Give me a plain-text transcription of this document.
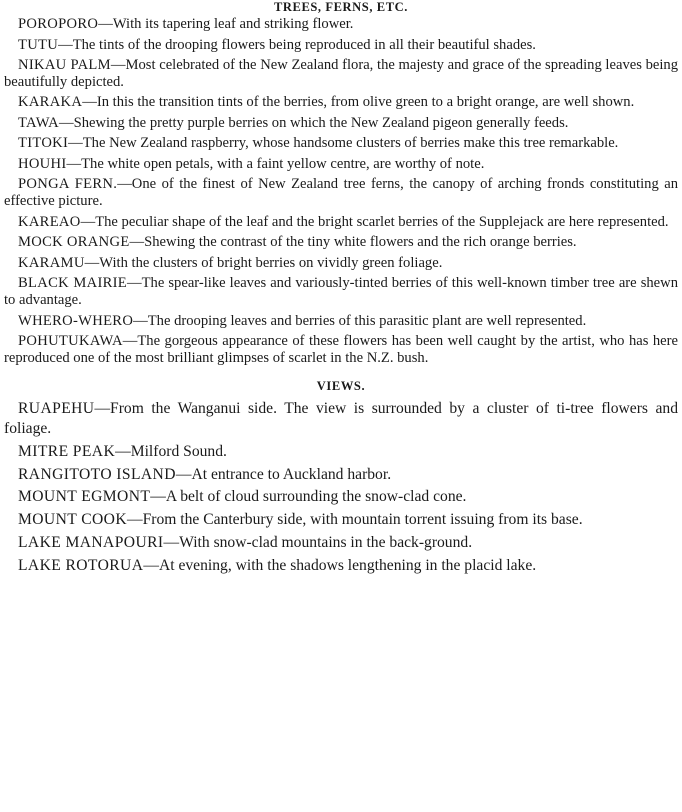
TREES, FERNS, ETC.

POROPORO—With its tapering leaf and striking flower.

TUTU—The tints of the drooping flowers being reproduced in all their beautiful shades.

NIKAU PALM—Most celebrated of the New Zealand flora, the majesty and grace of the spreading leaves being beautifully depicted.

KARAKA—In this the transition tints of the berries, from olive green to a bright orange, are well shown.

TAWA—Shewing the pretty purple berries on which the New Zealand pigeon generally feeds.

TITOKI—The New Zealand raspberry, whose handsome clusters of berries make this tree remarkable.

HOUHI—The white open petals, with a faint yellow centre, are worthy of note.

PONGA FERN.—One of the finest of New Zealand tree ferns, the canopy of arching fronds constituting an effective picture.

KAREAO—The peculiar shape of the leaf and the bright scarlet berries of the Supplejack are here represented.

MOCK ORANGE—Shewing the contrast of the tiny white flowers and the rich orange berries.

KARAMU—With the clusters of bright berries on vividly green foliage.

BLACK MAIRIE—The spear-like leaves and variously-tinted berries of this well-known timber tree are shewn to advantage.

WHERO-WHERO—The drooping leaves and berries of this parasitic plant are well represented.

POHUTUKAWA—The gorgeous appearance of these flowers has been well caught by the artist, who has here reproduced one of the most brilliant glimpses of scarlet in the N.Z. bush.

VIEWS.

RUAPEHU—From the Wanganui side. The view is surrounded by a cluster of ti-tree flowers and foliage.

MITRE PEAK—Milford Sound.

RANGITOTO ISLAND—At entrance to Auckland harbor.

MOUNT EGMONT—A belt of cloud surrounding the snow-clad cone.

MOUNT COOK—From the Canterbury side, with mountain torrent issuing from its base.

LAKE MANAPOURI—With snow-clad mountains in the back-ground.

LAKE ROTORUA—At evening, with the shadows lengthening in the placid lake.
